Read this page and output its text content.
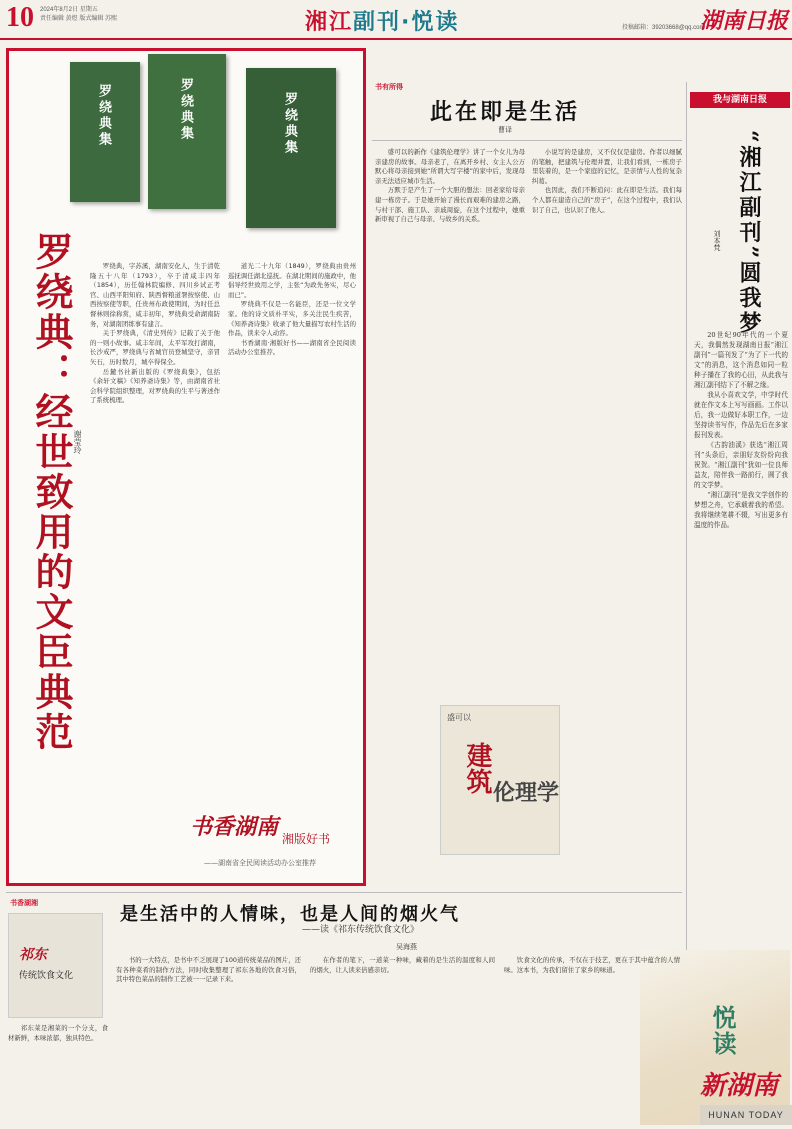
10 2024年8月2日 星期五
责任编辑 黄煜 版式编辑 苏熙	湘江副刊·悦读	投稿邮箱：39203668@qq.com
湖南日报
罗绕典集	罗绕典集	罗绕典集
罗绕典：经世致用的文臣典范 谢莹玲

罗绕典，字苏溪，湖南安化人，生于清乾隆五十八年（1793），卒于清咸丰四年（1854），历任翰林院编修、四川乡试正考官、山西平阳知府、陕西督粮道署按察使、山西按察使等职，任贵州布政使期间，为时任总督林则徐称赏，咸丰初年，罗绕典受命湖南防务，对湖南团练事有建言。

关于罗绕典，《清史列传》记载了关于他的一则小故事。咸丰年间，太平军攻打湖南，长沙戒严，罗绕典与省城官员登城坚守，亲冒矢石，历时数月，城卒得保全。

岳麓书社新出版的《罗绕典集》，包括《余轩文稿》《知养斋诗集》等，由湖南省社会科学院组织整理，对罗绕典的生平与著述作了系统梳理。

道光二十九年（1849），罗绕典由贵州巡抚调任湖北巡抚。在湖北期间的施政中，他倡导经世致用之学，主张“为政先务实，尽心而已”。

罗绕典不仅是一名能臣，还是一位文学家。他的诗文质朴平实，多关注民生疾苦，《知养斋诗集》收录了他大量描写农村生活的作品，读来令人动容。

书香湖南·湘版好书——湖南省全民阅读活动办公室推荐。

书香湖南 湘版好书
——湖南省全民阅读活动办公室推荐
书有所得
此在即是生活
曹译

盛可以的新作《建筑伦理学》讲了一个女儿为母亲建房的故事。母亲老了，在离开乡村、女主人公万默心将母亲接到她“所谓大写字楼”的家中后，发现母亲无法适应城市生活。

万默于是产生了一个大胆的想法：回老家给母亲建一栋房子。于是她开始了漫长而艰难的建房之路，与村干部、施工队、亲戚周旋，在这个过程中，她重新审视了自己与母亲、与故乡的关系。

小说写的是建房，又不仅仅是建房。作者以细腻的笔触，把建筑与伦理并置，让我们看到，一栋房子里装着的，是一个家庭的记忆，是亲情与人性的复杂纠葛。

也因此，我们不断追问：此在即是生活。我们每个人都在建造自己的“房子”，在这个过程中，我们认识了自己，也认识了他人。

盛可以
建筑 伦理学
我与湖南日报
“湘江副刊”圆我梦
刘本梵

20世纪90年代的一个夏天，我偶然发现湖南日报“湘江副刊”一篇刊发了“为了下一代的文”的消息，这个消息如同一粒种子播在了我的心田，从此我与湘江副刊结下了不解之缘。

我从小喜欢文学，中学时代就在作文本上写写画画。工作以后，我一边做好本职工作，一边坚持读书写作，作品先后在多家报刊发表。

《古韵油溪》获选“湘江周刊”头条后，亲朋好友纷纷向我祝贺。“湘江副刊”犹如一位良师益友，陪伴我一路前行，圆了我的文学梦。

“湘江副刊”是我文学创作的梦想之舟，它承载着我的希望。我将继续笔耕不辍，写出更多有温度的作品。

悦读
新湖南
HUNAN TODAY
书香湖湘
祁东
传统饮食文化

祁东菜是湘菜的一个分支，食材新鲜，本味浓郁，独具特色。

是生活中的人情味，也是人间的烟火气
——读《祁东传统饮食文化》
吴海燕

书的一大特点，是书中不乏展现了100道传统菜品的图片，还有各种菜肴的制作方法，同时收集整理了祁东各地的饮食习俗，其中特色菜品的制作工艺被一一记录下来。

在作者的笔下，一道菜一种味，藏着的是生活的温度和人间的烟火，让人读来倍感亲切。

饮食文化的传承，不仅在于技艺，更在于其中蕴含的人情味。这本书，为我们留住了家乡的味道。
